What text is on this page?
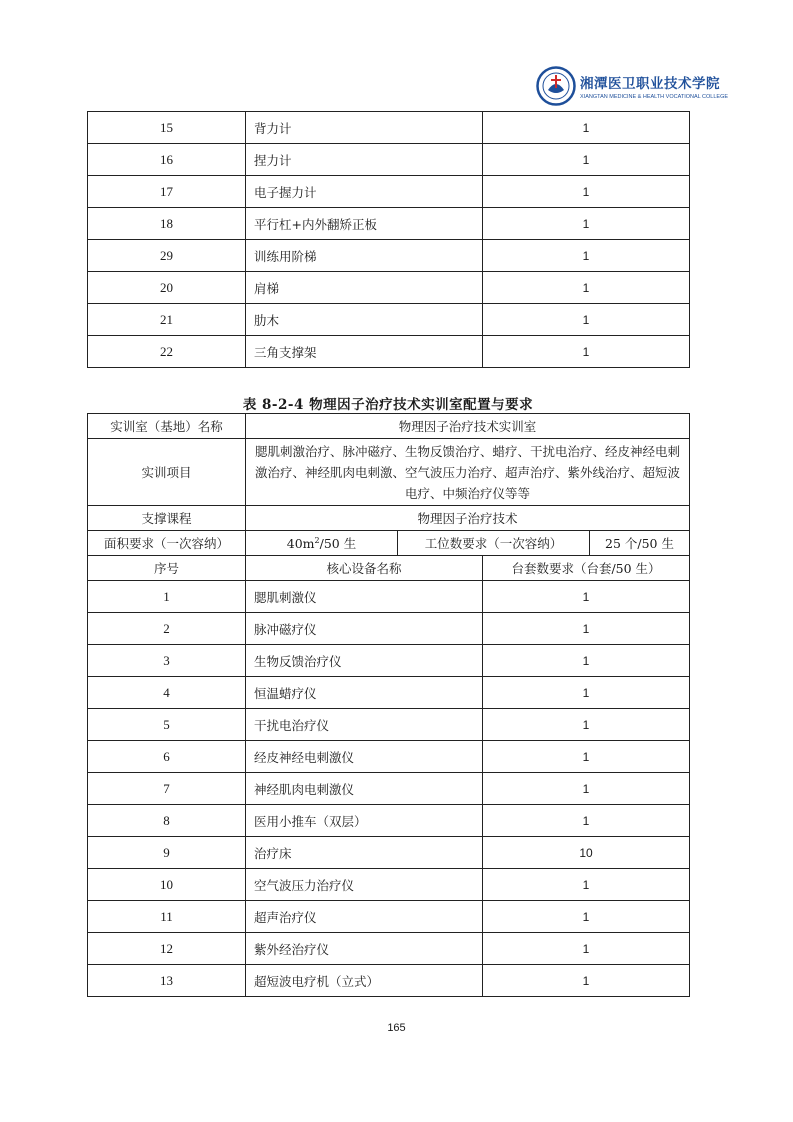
湘潭医卫职业技术学院
XIANGTAN MEDICINE & HEALTH VOCATIONAL COLLEGE
15	背力计	1
16	捏力计	1
17	电子握力计	1
18	平行杠+内外翻矫正板	1
29	训练用阶梯	1
20	肩梯	1
21	肋木	1
22	三角支撑架	1
表 8-2-4 物理因子治疗技术实训室配置与要求
实训室（基地）名称	物理因子治疗技术实训室			
实训项目	腮肌刺激治疗、脉冲磁疗、生物反馈治疗、蜡疗、干扰电治疗、经皮神经电刺激治疗、神经肌肉电刺激、空气波压力治疗、超声治疗、紫外线治疗、超短波电疗、中频治疗仪等等			
支撑课程	物理因子治疗技术			
面积要求（一次容纳）	$40m^2/50$ 生	工位数要求（一次容纳）		25 个/50 生
序号	核心设备名称		台套数要求（台套/50 生）	
1	腮肌刺激仪		1	
2	脉冲磁疗仪		1	
3	生物反馈治疗仪		1	
4	恒温蜡疗仪		1	
5	干扰电治疗仪		1	
6	经皮神经电刺激仪		1	
7	神经肌肉电刺激仪		1	
8	医用小推车（双层）		1	
9	治疗床		10	
10	空气波压力治疗仪		1	
11	超声治疗仪		1	
12	紫外经治疗仪		1	
13	超短波电疗机（立式）		1	
165
